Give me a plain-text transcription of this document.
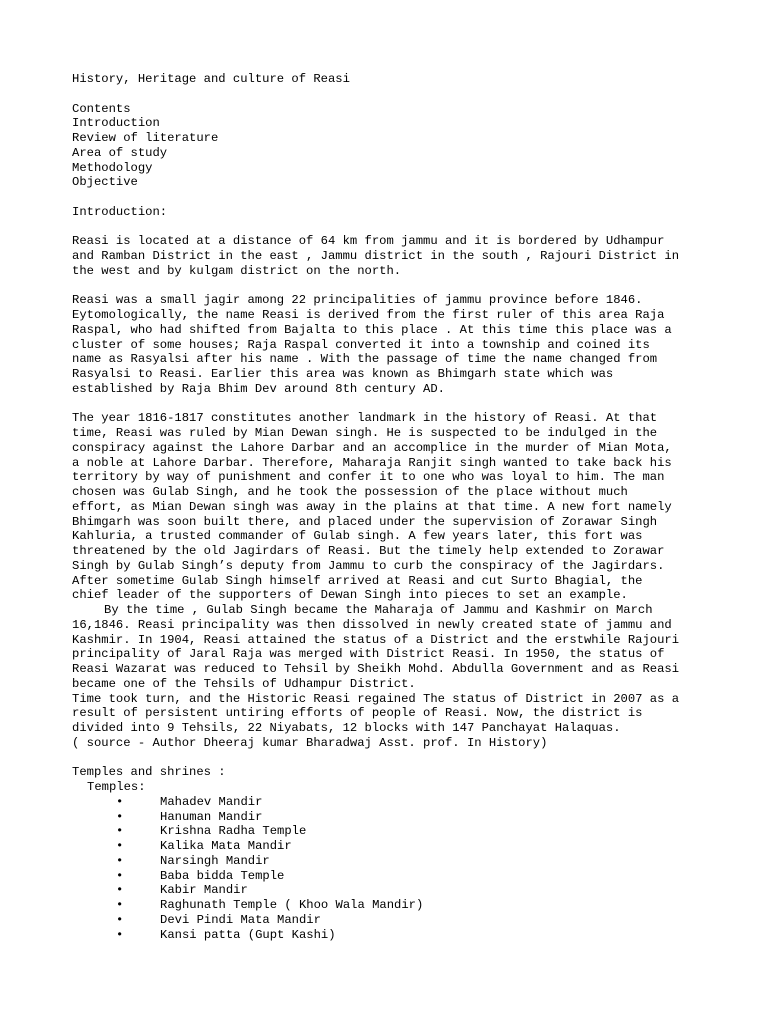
History, Heritage and culture of Reasi
Contents
Introduction
Review of literature
Area of study
Methodology
Objective
Introduction:
Reasi is located at a distance of 64 km from jammu and it is bordered by Udhampur
and Ramban District in the east , Jammu district in the south , Rajouri District in
the west and by kulgam district on the north.
Reasi was a small jagir among 22 principalities of jammu province before 1846.
Eytomologically, the name Reasi is derived from the first ruler of this area Raja
Raspal, who had shifted from Bajalta to this place . At this time this place was a
cluster of some houses; Raja Raspal converted it into a township and coined its
name as Rasyalsi after his name . With the passage of time the name changed from
Rasyalsi to Reasi. Earlier this area was known as Bhimgarh state which was
established by Raja Bhim Dev around 8th century AD.
The year 1816-1817 constitutes another landmark in the history of Reasi. At that
time, Reasi was ruled by Mian Dewan singh. He is suspected to be indulged in the
conspiracy against the Lahore Darbar and an accomplice in the murder of Mian Mota,
a noble at Lahore Darbar. Therefore, Maharaja Ranjit singh wanted to take back his
territory by way of punishment and confer it to one who was loyal to him. The man
chosen was Gulab Singh, and he took the possession of the place without much
effort, as Mian Dewan singh was away in the plains at that time. A new fort namely
Bhimgarh was soon built there, and placed under the supervision of Zorawar Singh
Kahluria, a trusted commander of Gulab singh. A few years later, this fort was
threatened by the old Jagirdars of Reasi. But the timely help extended to Zorawar
Singh by Gulab Singh’s deputy from Jammu to curb the conspiracy of the Jagirdars.
After sometime Gulab Singh himself arrived at Reasi and cut Surto Bhagial, the
chief leader of the supporters of Dewan Singh into pieces to set an example.
By the time , Gulab Singh became the Maharaja of Jammu and Kashmir on March
16,1846. Reasi principality was then dissolved in newly created state of jammu and
Kashmir. In 1904, Reasi attained the status of a District and the erstwhile Rajouri
principality of Jaral Raja was merged with District Reasi. In 1950, the status of
Reasi Wazarat was reduced to Tehsil by Sheikh Mohd. Abdulla Government and as Reasi
became one of the Tehsils of Udhampur District.
Time took turn, and the Historic Reasi regained The status of District in 2007 as a
result of persistent untiring efforts of people of Reasi. Now, the district is
divided into 9 Tehsils, 22 Niyabats, 12 blocks with 147 Panchayat Halaquas.
( source - Author Dheeraj kumar Bharadwaj Asst. prof. In History)
Temples and shrines :
Temples:

•

	Mahadev Mandir

•

	Hanuman Mandir

•

	Krishna Radha Temple

•

	Kalika Mata Mandir

•

	Narsingh Mandir

•

	Baba bidda Temple

•

	Kabir Mandir

•

	Raghunath Temple ( Khoo Wala Mandir)

•

	Devi Pindi Mata Mandir

•

	Kansi patta (Gupt Kashi)
